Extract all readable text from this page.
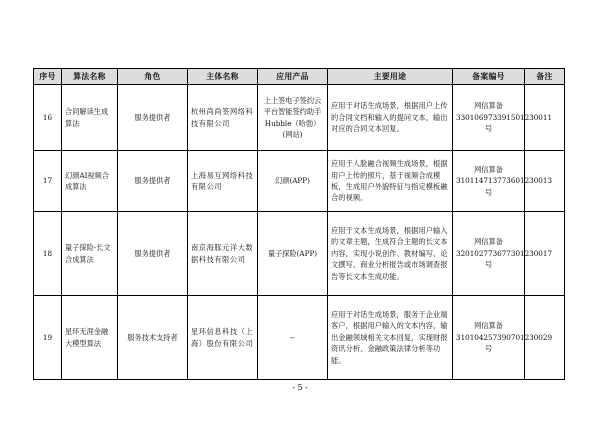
序号	算法名称	角色	主体名称	应用产品	主要用途	备案编号	备注
16	合同解读生成算法	服务提供者	杭州尚尚签网络科技有限公司	上上签电子签约云平台智能签约助手Hubble（哈勃）(网站)	应用于对话生成场景，根据用户上传的合同文档和输入的提问文本，输出对应的合同文本回复。	网信算备330106973391501230011号	
17	幻颜AI视频合成算法	服务提供者	上海易互网络科技有限公司	幻颜(APP)	应用于人脸融合视频生成场景，根据用户上传的照片，基于视频合成模板，生成用户外貌特征与指定模板融合的视频。	网信算备310114713773601230013号	
18	量子探险-长文合成算法	服务提供者	南京海豚元洋大数据科技有限公司	量子探险(APP)	应用于文本生成场景，根据用户输入的文章主题，生成符合主题的长文本内容，实现小说创作、教材编写、论文撰写、商业分析报告或市场调查报告等长文本生成功能。	网信算备320102773677301230017号	
19	星环无涯金融大模型算法	服务技术支持者	星环信息科技（上海）股份有限公司	--	应用于对话生成场景，服务于企业端客户，根据用户输入的文本内容，输出金融领域相关文本回复，实现财报资讯分析、金融政策法律分析等功能。	网信算备310104257390701230029号	
- 5 -
